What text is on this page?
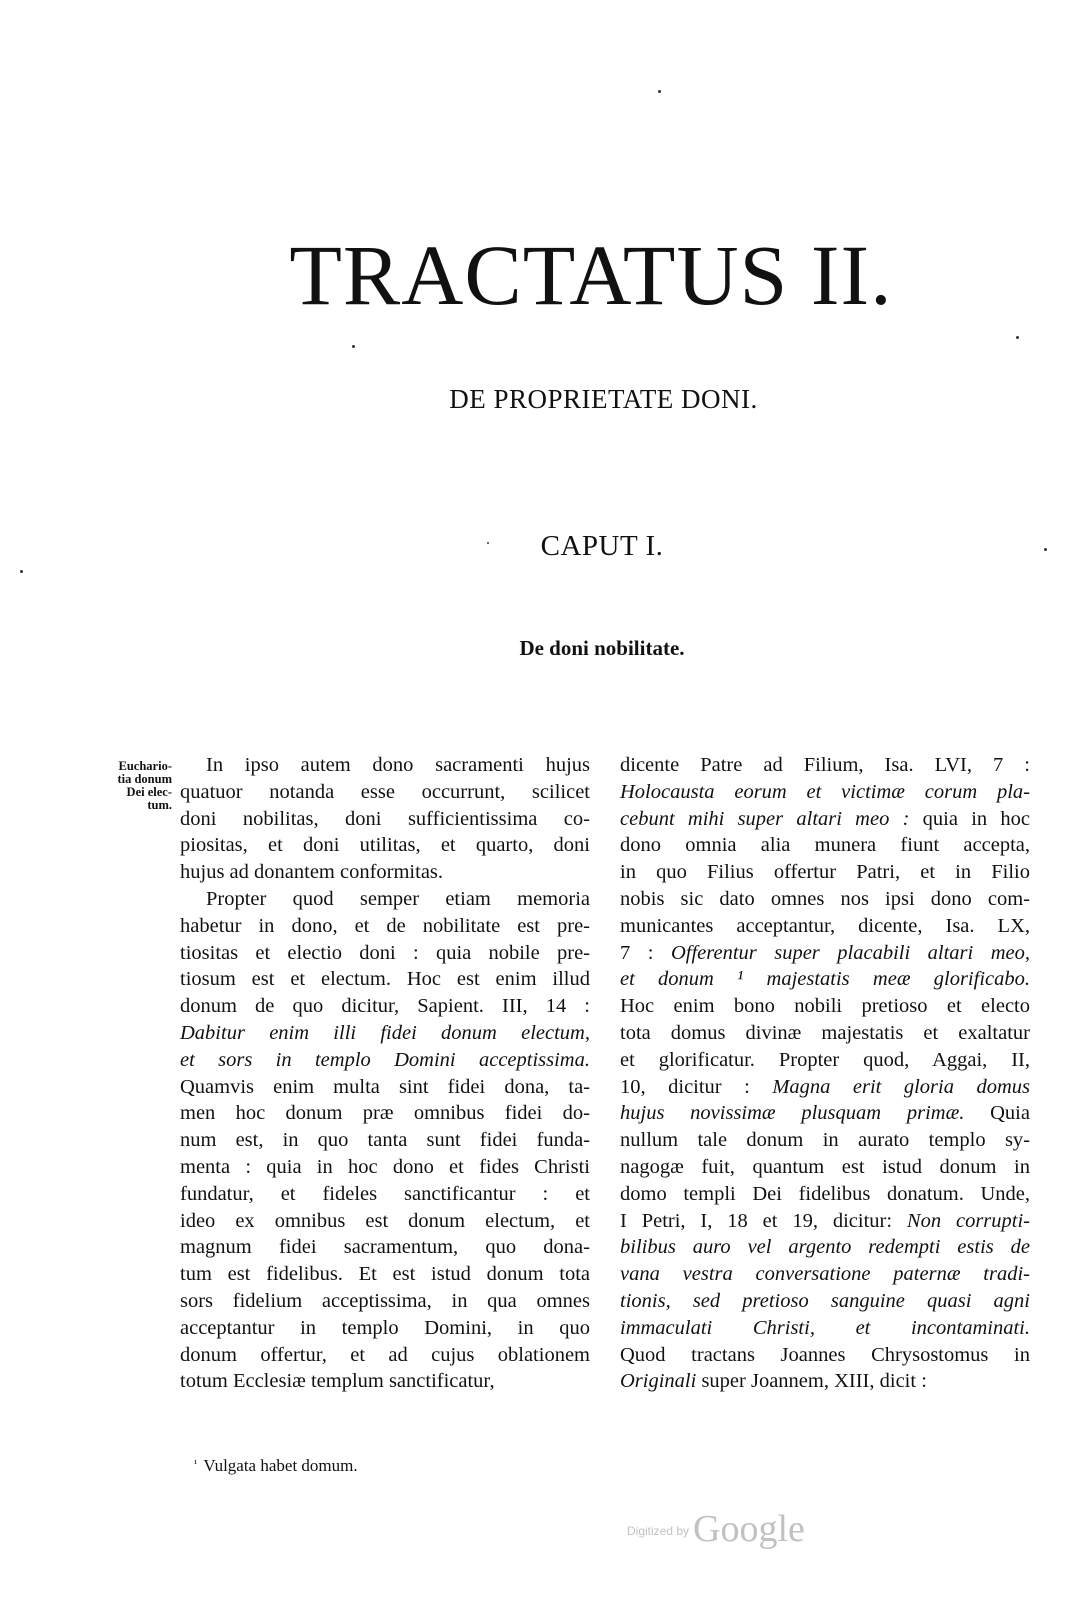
TRACTATUS II.
DE PROPRIETATE DONI.
CAPUT I.
De doni nobilitate.
Euchario-
tia donum
Dei elec-
tum.
In ipso autem dono sacramenti hujus
quatuor notanda esse occurrunt, scilicet
doni nobilitas, doni sufficientissima co-
piositas, et doni utilitas, et quarto, doni
hujus ad donantem conformitas.
Propter quod semper etiam memoria
habetur in dono, et de nobilitate est pre-
tiositas et electio doni : quia nobile pre-
tiosum est et electum. Hoc est enim illud
donum de quo dicitur, Sapient. III, 14 :
Dabitur enim illi fidei donum electum,
et sors in templo Domini acceptissima.
Quamvis enim multa sint fidei dona, ta-
men hoc donum præ omnibus fidei do-
num est, in quo tanta sunt fidei funda-
menta : quia in hoc dono et fides Christi
fundatur, et fideles sanctificantur : et
ideo ex omnibus est donum electum, et
magnum fidei sacramentum, quo dona-
tum est fidelibus. Et est istud donum tota
sors fidelium acceptissima, in qua omnes
acceptantur in templo Domini, in quo
donum offertur, et ad cujus oblationem
totum Ecclesiæ templum sanctificatur,
dicente Patre ad Filium, Isa. LVI, 7 :
Holocausta eorum et victimæ corum pla-
cebunt mihi super altari meo : quia in hoc
dono omnia alia munera fiunt accepta,
in quo Filius offertur Patri, et in Filio
nobis sic dato omnes nos ipsi dono com-
municantes acceptantur, dicente, Isa. LX,
7 : Offerentur super placabili altari meo,
et donum ¹ majestatis meæ glorificabo.
Hoc enim bono nobili pretioso et electo
tota domus divinæ majestatis et exaltatur
et glorificatur. Propter quod, Aggai, II,
10, dicitur : Magna erit gloria domus
hujus novissimæ plusquam primæ. Quia
nullum tale donum in aurato templo sy-
nagogæ fuit, quantum est istud donum in
domo templi Dei fidelibus donatum. Unde,
I Petri, I, 18 et 19, dicitur: Non corrupti-
bilibus auro vel argento redempti estis de
vana vestra conversatione paternæ tradi-
tionis, sed pretioso sanguine quasi agni
immaculati Christi, et incontaminati.
Quod tractans Joannes Chrysostomus in
Originali super Joannem, XIII, dicit :
$^{^1}$ Vulgata habet domum.
Digitized by Google
